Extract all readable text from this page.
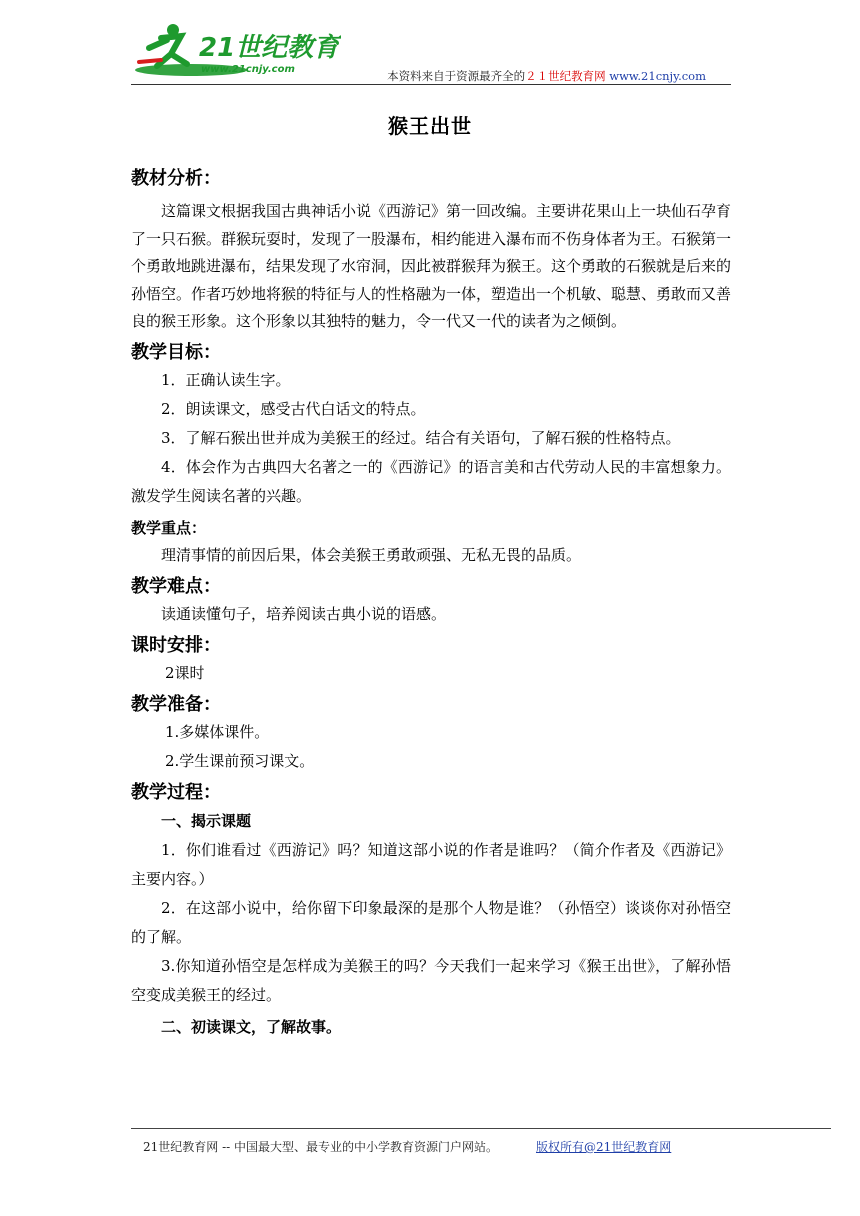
21世纪教育
www.21cnjy.com	本资料来自于资源最齐全的２１世纪教育网 www.21cnjy.com
猴王出世
教材分析：
这篇课文根据我国古典神话小说《西游记》第一回改编。主要讲花果山上一块仙石孕育了一只石猴。群猴玩耍时，发现了一股瀑布，相约能进入瀑布而不伤身体者为王。石猴第一个勇敢地跳进瀑布，结果发现了水帘洞，因此被群猴拜为猴王。这个勇敢的石猴就是后来的孙悟空。作者巧妙地将猴的特征与人的性格融为一体，塑造出一个机敏、聪慧、勇敢而又善良的猴王形象。这个形象以其独特的魅力，令一代又一代的读者为之倾倒。
教学目标：
1．正确认读生字。
2．朗读课文，感受古代白话文的特点。
3．了解石猴出世并成为美猴王的经过。结合有关语句，了解石猴的性格特点。
4．体会作为古典四大名著之一的《西游记》的语言美和古代劳动人民的丰富想象力。激发学生阅读名著的兴趣。
教学重点：
理清事情的前因后果，体会美猴王勇敢顽强、无私无畏的品质。
教学难点：
读通读懂句子，培养阅读古典小说的语感。
课时安排：
2课时
教学准备：
1.多媒体课件。
2.学生课前预习课文。
教学过程：
一、揭示课题
1．你们谁看过《西游记》吗？知道这部小说的作者是谁吗？（简介作者及《西游记》主要内容。）
2．在这部小说中，给你留下印象最深的是那个人物是谁？（孙悟空）谈谈你对孙悟空的了解。
3.你知道孙悟空是怎样成为美猴王的吗？今天我们一起来学习《猴王出世》，了解孙悟空变成美猴王的经过。
二、初读课文，了解故事。
21世纪教育网 -- 中国最大型、最专业的中小学教育资源门户网站。	版权所有@21世纪教育网
